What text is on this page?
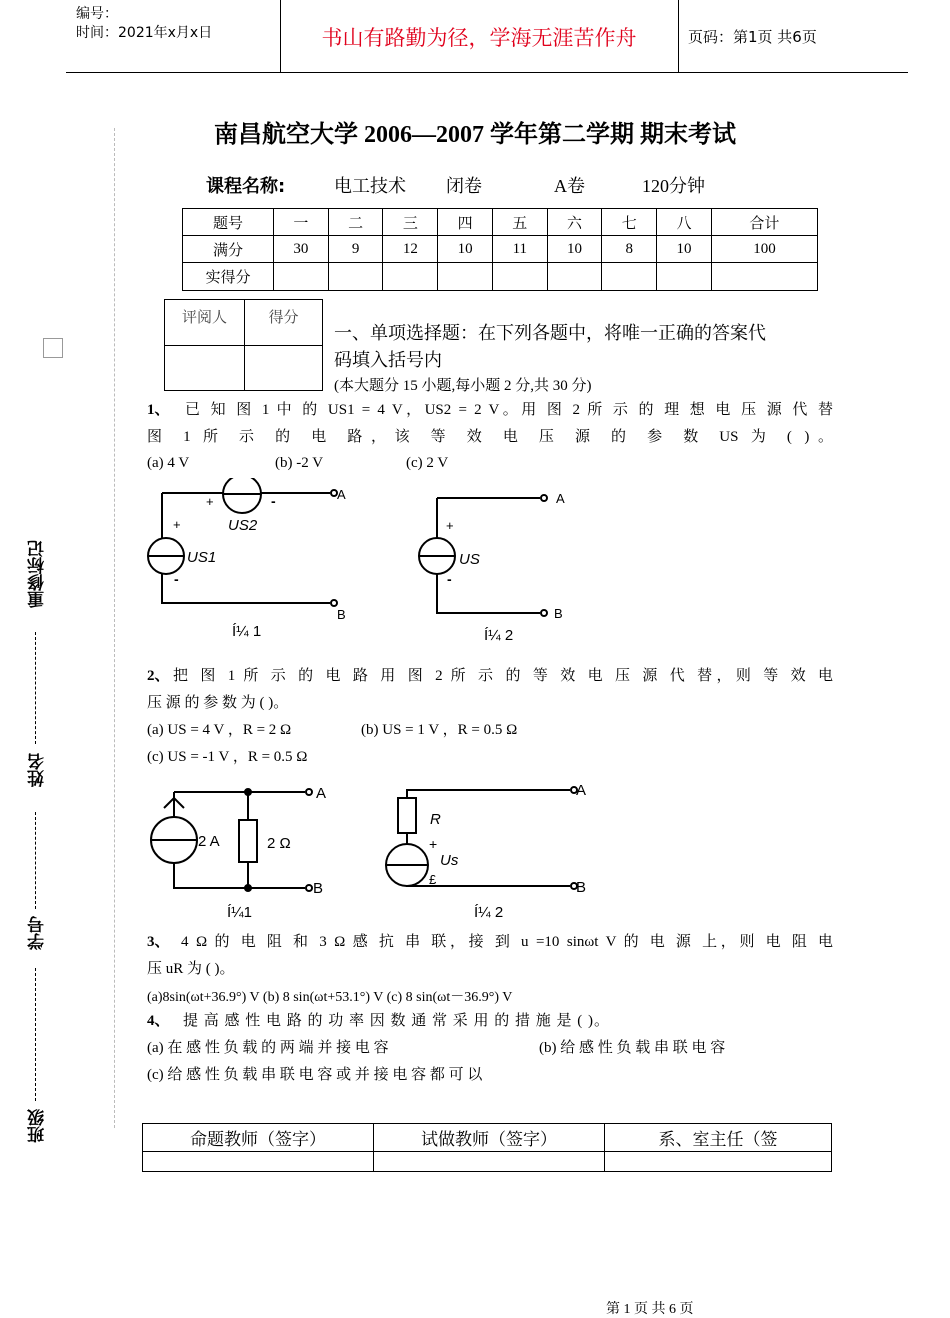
编号：
时间：2021年x月x日	书山有路勤为径，学海无涯苦作舟	页码：第1页 共6页
南昌航空大学 2006—2007 学年第二学期 期末考试
课程名称:	电工技术 闭卷	A卷	120分钟
题号	一	二	三	四	五	六	七	八	合计
满分	30	9	12	10	11	10	8	10	100
实得分									
评阅人	得分

一、单项选择题：在下列各题中，将唯一正确的答案代
码填入括号内
(本大题分 15 小题,每小题 2 分,共 30 分)
1、	已 知 图 1 中 的 US1 = 4 V，US2 = 2 V。用 图 2 所 示 的 理 想 电 压 源 代 替
图 1 所 示 的 电 路，该 等 效 电 压 源 的 参 数 US 为 ( )。
(a) 4 V	(b) -2 V	(c) 2 V
+	-
US2
+
-
US1
A
B
Í¼ 1
+
-
US
A
B
Í¼ 2
2、 把 图 1 所 示 的 电 路 用 图 2 所 示 的 等 效 电 压 源 代 替，则 等 效 电
压 源 的 参 数 为 ( )。
(a) US = 4 V ，R = 2 Ω	(b) US = 1 V ，R = 0.5 Ω
(c) US = -1 V ，R = 0.5 Ω
2 A	2 Ω
A
B
Í¼1
R
+
Us
£
A
B
Í¼ 2
3、 4 Ω 的 电 阻 和 3 Ω 感 抗 串 联，接 到 u =10 sinωt V 的 电 源 上，则 电 阻 电
压 uR 为 ( )。
(a)8sin(ωt+36.9°) V (b) 8 sin(ωt+53.1°) V (c) 8 sin(ωt－36.9°) V
4、 提 高 感 性 电 路 的 功 率 因 数 通 常 采 用 的 措 施 是 ( )。
(a) 在 感 性 负 载 的 两 端 并 接 电 容	(b) 给 感 性 负 载 串 联 电 容
(c) 给 感 性 负 载 串 联 电 容 或 并 接 电 容 都 可 以
命题教师（签字）	试做教师（签字）	系、室主任（签

重修标记
姓名
学号
班级
第 1 页 共 6 页
